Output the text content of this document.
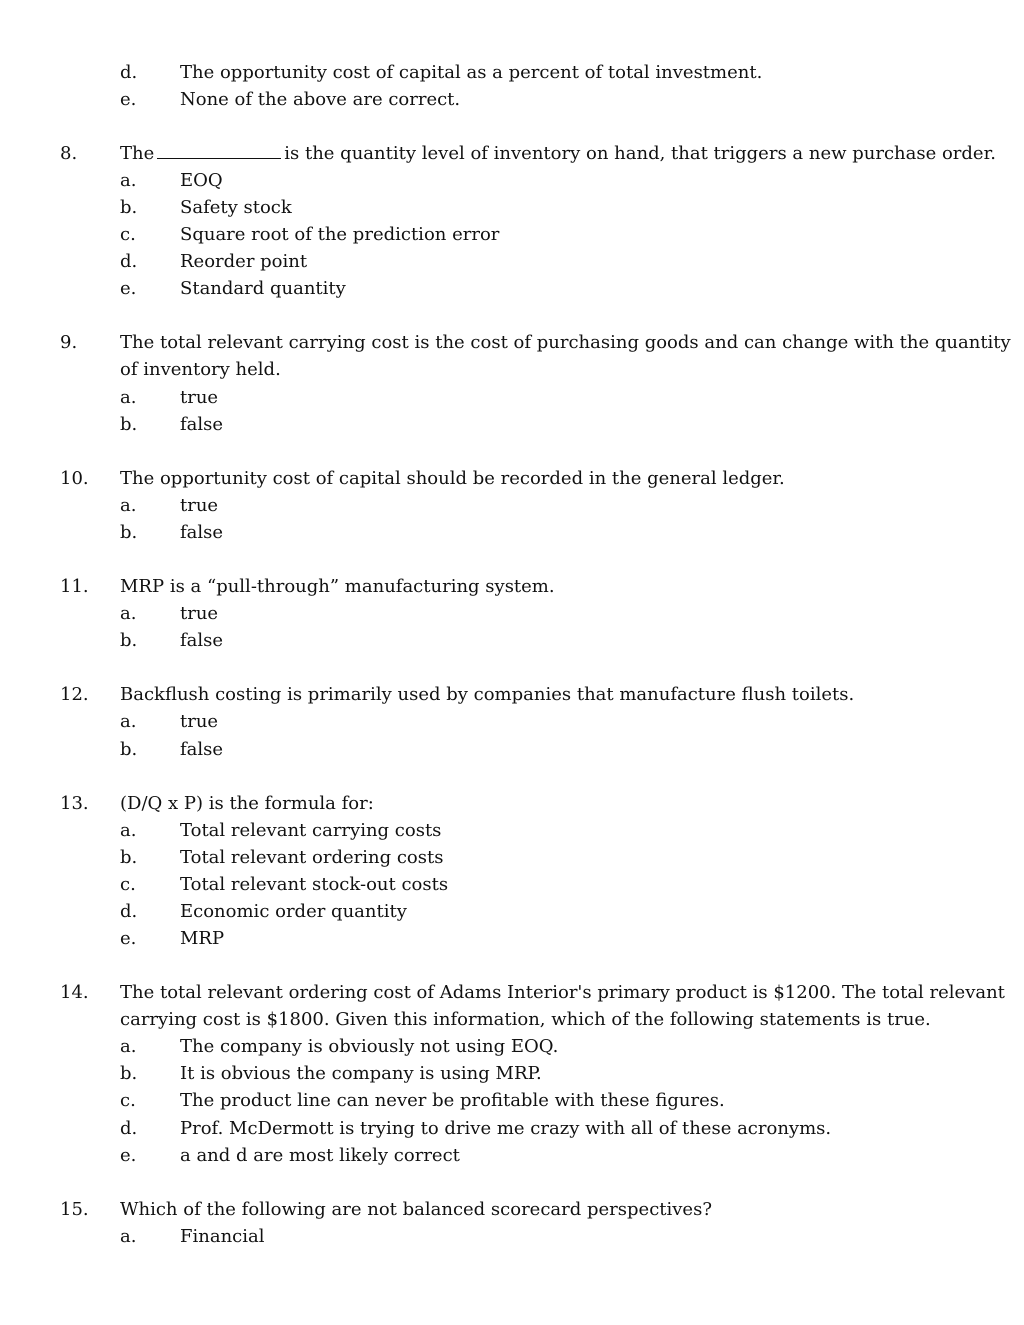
d. The opportunity cost of capital as a percent of total investment.
e. None of the above are correct.
8. The	is the quantity level of inventory on hand, that triggers a new purchase order.
a. EOQ
b. Safety stock
c. Square root of the prediction error
d. Reorder point
e. Standard quantity
9. The total relevant carrying cost is the cost of purchasing goods and can change with the quantity
of inventory held.
a. true
b. false
10. The opportunity cost of capital should be recorded in the general ledger.
a. true
b. false
11. MRP is a “pull-through” manufacturing system.
a. true
b. false
12. Backflush costing is primarily used by companies that manufacture flush toilets.
a. true
b. false
13. (D/Q x P) is the formula for:
a. Total relevant carrying costs
b. Total relevant ordering costs
c. Total relevant stock-out costs
d. Economic order quantity
e. MRP
14. The total relevant ordering cost of Adams Interior's primary product is $1200. The total relevant
carrying cost is $1800. Given this information, which of the following statements is true.
a. The company is obviously not using EOQ.
b. It is obvious the company is using MRP.
c. The product line can never be profitable with these figures.
d. Prof. McDermott is trying to drive me crazy with all of these acronyms.
e. a and d are most likely correct
15. Which of the following are not balanced scorecard perspectives?
a. Financial
